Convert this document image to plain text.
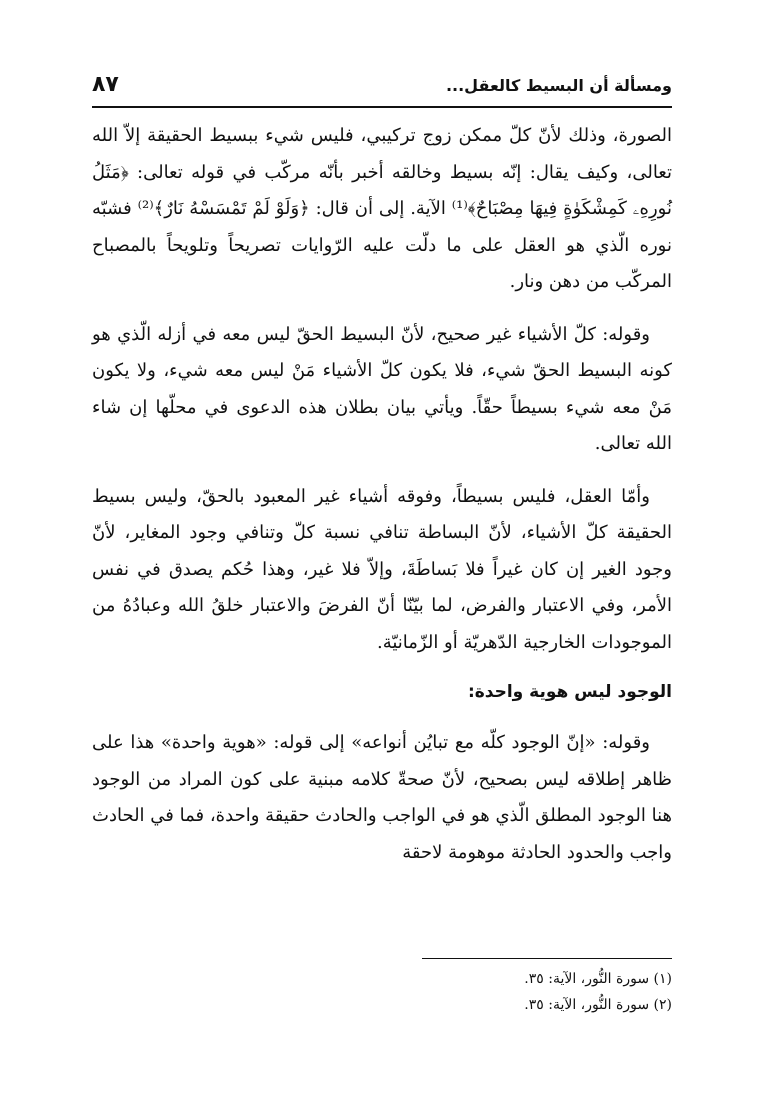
٨٧	ومسألة أن البسيط كالعقل...

الصورة، وذلك لأنّ كلّ ممكن زوج تركيبي، فليس شيء ببسيط الحقيقة إلاّ الله تعالى، وكيف يقال: إنّه بسيط وخالقه أخبر بأنّه مركّب في قوله تعالى: ﴿مَثَلُ نُورِهِۦ كَمِشْكَوٰةٍ فِيهَا مِصْبَاحٌ﴾⁽¹⁾ الآية. إلى أن قال: ﴿وَلَوْ لَمْ تَمْسَسْهُ نَارٌ﴾⁽²⁾ فشبّه نوره الّذي هو العقل على ما دلّت عليه الرّوايات تصريحاً وتلويحاً بالمصباح المركّب من دهن ونار.

وقوله: كلّ الأشياء غير صحيح، لأنّ البسيط الحقّ ليس معه في أزله الّذي هو كونه البسيط الحقّ شيء، فلا يكون كلّ الأشياء مَنْ ليس معه شيء، ولا يكون مَنْ معه شيء بسيطاً حقّاً. ويأتي بيان بطلان هذه الدعوى في محلّها إن شاء الله تعالى.

وأمّا العقل، فليس بسيطاً، وفوقه أشياء غير المعبود بالحقّ، وليس بسيط الحقيقة كلّ الأشياء، لأنّ البساطة تنافي نسبة كلّ وتنافي وجود المغاير، لأنّ وجود الغير إن كان غيراً فلا بَساطَةَ، وإلاّ فلا غير، وهذا حُكم يصدق في نفس الأمر، وفي الاعتبار والفرض، لما بيّنّا أنّ الفرضَ والاعتبار خلقُ الله وعبادُهُ من الموجودات الخارجية الدّهريّة أو الزّمانيّة.

الوجود ليس هوية واحدة:

وقوله: «إنّ الوجود كلّه مع تبايُن أنواعه» إلى قوله: «هوية واحدة» هذا على ظاهر إطلاقه ليس بصحيح، لأنّ صحةّ كلامه مبنية على كون المراد من الوجود هنا الوجود المطلق الّذي هو في الواجب والحادث حقيقة واحدة، فما في الحادث واجب والحدود الحادثة موهومة لاحقة

(١) سورة النُّور، الآية: ٣٥.
(٢) سورة النُّور، الآية: ٣٥.
